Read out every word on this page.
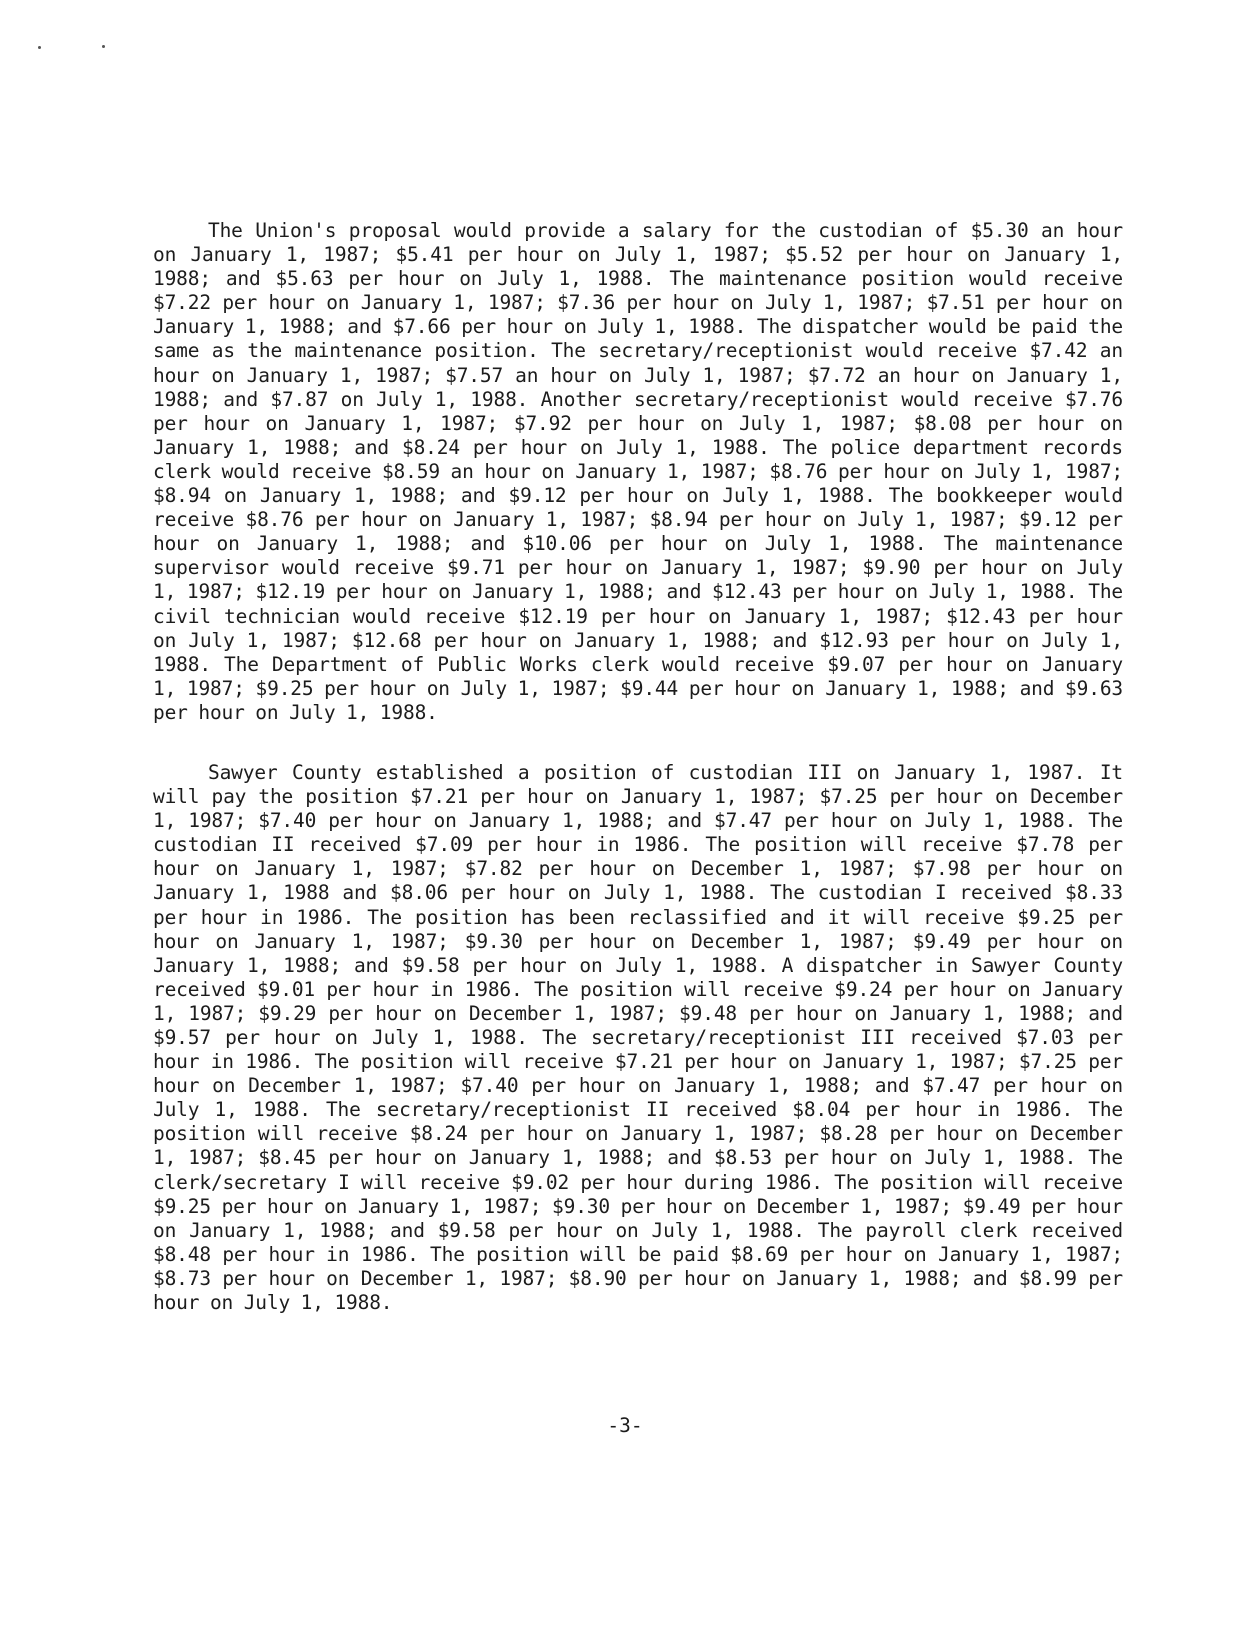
The Union's proposal would provide a salary for the custodian of $5.30 an hour on January 1, 1987; $5.41 per hour on July 1, 1987; $5.52 per hour on January 1, 1988; and $5.63 per hour on July 1, 1988. The maintenance position would receive $7.22 per hour on January 1, 1987; $7.36 per hour on July 1, 1987; $7.51 per hour on January 1, 1988; and $7.66 per hour on July 1, 1988. The dispatcher would be paid the same as the maintenance position. The secretary/receptionist would receive $7.42 an hour on January 1, 1987; $7.57 an hour on July 1, 1987; $7.72 an hour on January 1, 1988; and $7.87 on July 1, 1988. Another secretary/receptionist would receive $7.76 per hour on January 1, 1987; $7.92 per hour on July 1, 1987; $8.08 per hour on January 1, 1988; and $8.24 per hour on July 1, 1988. The police department records clerk would receive $8.59 an hour on January 1, 1987; $8.76 per hour on July 1, 1987; $8.94 on January 1, 1988; and $9.12 per hour on July 1, 1988. The bookkeeper would receive $8.76 per hour on January 1, 1987; $8.94 per hour on July 1, 1987; $9.12 per hour on January 1, 1988; and $10.06 per hour on July 1, 1988. The maintenance supervisor would receive $9.71 per hour on January 1, 1987; $9.90 per hour on July 1, 1987; $12.19 per hour on January 1, 1988; and $12.43 per hour on July 1, 1988. The civil technician would receive $12.19 per hour on January 1, 1987; $12.43 per hour on July 1, 1987; $12.68 per hour on January 1, 1988; and $12.93 per hour on July 1, 1988. The Department of Public Works clerk would receive $9.07 per hour on January 1, 1987; $9.25 per hour on July 1, 1987; $9.44 per hour on January 1, 1988; and $9.63 per hour on July 1, 1988.

Sawyer County established a position of custodian III on January 1, 1987. It will pay the position $7.21 per hour on January 1, 1987; $7.25 per hour on December 1, 1987; $7.40 per hour on January 1, 1988; and $7.47 per hour on July 1, 1988. The custodian II received $7.09 per hour in 1986. The position will receive $7.78 per hour on January 1, 1987; $7.82 per hour on December 1, 1987; $7.98 per hour on January 1, 1988 and $8.06 per hour on July 1, 1988. The custodian I received $8.33 per hour in 1986. The position has been reclassified and it will receive $9.25 per hour on January 1, 1987; $9.30 per hour on December 1, 1987; $9.49 per hour on January 1, 1988; and $9.58 per hour on July 1, 1988. A dispatcher in Sawyer County received $9.01 per hour in 1986. The position will receive $9.24 per hour on January 1, 1987; $9.29 per hour on December 1, 1987; $9.48 per hour on January 1, 1988; and $9.57 per hour on July 1, 1988. The secretary/receptionist III received $7.03 per hour in 1986. The position will receive $7.21 per hour on January 1, 1987; $7.25 per hour on December 1, 1987; $7.40 per hour on January 1, 1988; and $7.47 per hour on July 1, 1988. The secretary/receptionist II received $8.04 per hour in 1986. The position will receive $8.24 per hour on January 1, 1987; $8.28 per hour on December 1, 1987; $8.45 per hour on January 1, 1988; and $8.53 per hour on July 1, 1988. The clerk/secretary I will receive $9.02 per hour during 1986. The position will receive $9.25 per hour on January 1, 1987; $9.30 per hour on December 1, 1987; $9.49 per hour on January 1, 1988; and $9.58 per hour on July 1, 1988. The payroll clerk received $8.48 per hour in 1986. The position will be paid $8.69 per hour on January 1, 1987; $8.73 per hour on December 1, 1987; $8.90 per hour on January 1, 1988; and $8.99 per hour on July 1, 1988.

-3-
